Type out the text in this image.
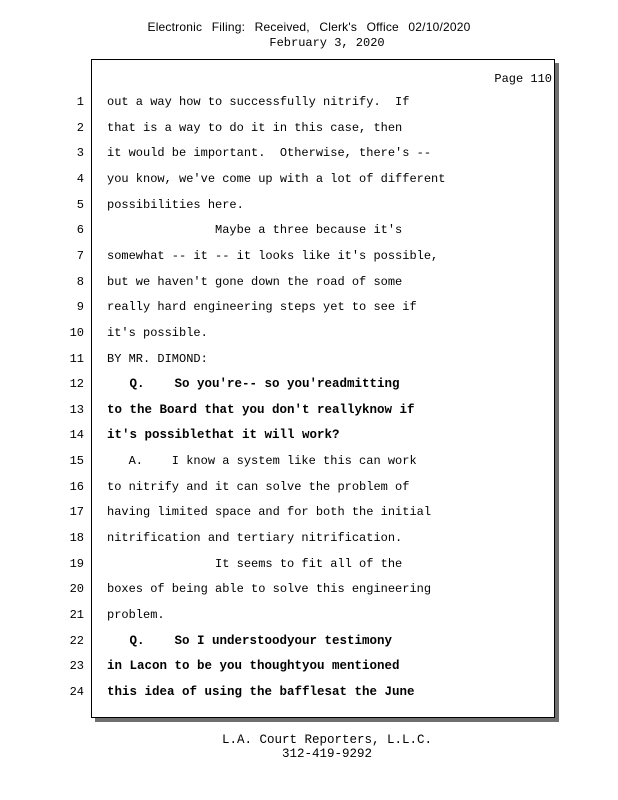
Electronic Filing: Received, Clerk's Office 02/10/2020
February 3, 2020
Page 110
1 out a way how to successfully nitrify.  If
2 that is a way to do it in this case, then
3 it would be important.  Otherwise, there's --
4 you know, we've come up with a lot of different
5 possibilities here.
6 Maybe a three because it's
7 somewhat -- it -- it looks like it's possible,
8 but we haven't gone down the road of some
9 really hard engineering steps yet to see if
10 it's possible.
11 BY MR. DIMOND:
12 Q.    So you're-- so you'readmitting
13 to the Board that you don't reallyknow if
14 it's possiblethat it will work?
15 A.    I know a system like this can work
16 to nitrify and it can solve the problem of
17 having limited space and for both the initial
18 nitrification and tertiary nitrification.
19 It seems to fit all of the
20 boxes of being able to solve this engineering
21 problem.
22 Q.    So I understoodyour testimony
23 in Lacon to be you thoughtyou mentioned
24 this idea of using the bafflesat the June
L.A. Court Reporters, L.L.C.
312-419-9292
